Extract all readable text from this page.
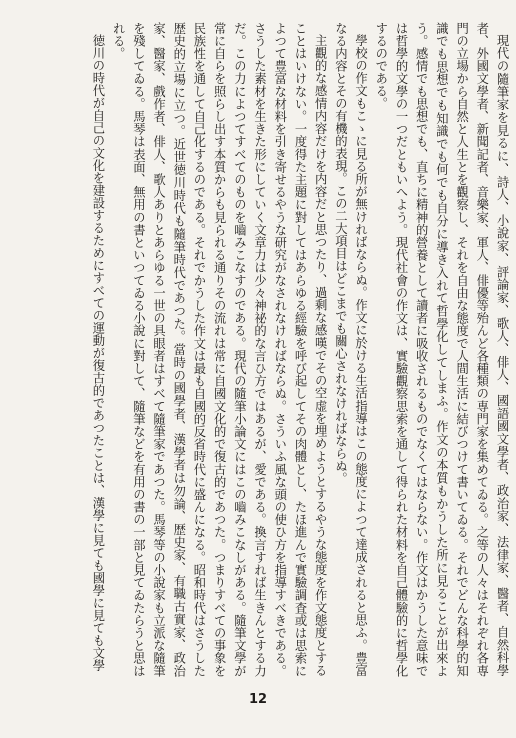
現代の隨筆家を見るに、詩人、小說家、評論家、歌人、俳人、國語國文學者、政治家、法律家、醫者、自然科學者、外國文學者、新聞記者、音樂家、軍人、俳優等殆んど各種類の専門家を集めてゐる。之等の人々はそれぞれ各専門の立場から自然と人生とを觀察し、それを自由な態度で人間生活に結びつけて書いてゐる。それでどんな科學的知識でも思想でも知識でも何でも自分に導き入れて哲學化してしまふ。作文の本質もかうした所に見ることが出來よう。感情でも思想でも、直ちに精神的營養として讀者に吸收されるものでなくてはならない。作文はかうした意味では哲學的文學の一つだともいへよう。現代社會の作文は、實驗觀察思索を通して得られた材料を自己體驗的に哲學化するのである。

學校の作文もこゝに見る所が無ければならぬ。作文に於ける生活指導はこの態度によつて達成されると思ふ。豊富なる内容とその有機的表現。この二大項目はどこまでも關心されなければならぬ。

主觀的な感情内容だけを内容だと思つたり、過剩な感嘆でその空虚を埋めようとするやうな態度を作文態度とすることはいけない。一度得た主題に對してはあらゆる經驗を呼び起してその肉體とし、たほ進んで實驗調査或は思索によつて豊富な材料を引き寄せるやうな研究がなされなければならぬ。さういふ風な頭の使ひ方を指導すべきである。さうした素材を生きた形にしていく文章力は少々神祕的な言ひ方ではあるが、愛である。換言すれば生きんとする力だ。この力によつてすべてのものを嚙みこなすのである。現代の隨筆小論文にはこの嚙みこなしがある。隨筆文學が常に自らを照らし出す本質からも見られる通りその流れは常に自國文化的で復古的であつた。つまりすべての事象を民族性を通して自己化するのである。それでかうした作文は最も自國的反省時代に盛んになる。昭和時代はさうした歴史的立場に立つ。近世徳川時代も隨筆時代であつた。當時の國學者、漢學者は勿論、歴史家、有職古實家、政治家、醫家、戲作者、俳人、歌人ありとあらゆる一世の具眼者はすべて隨筆家であつた。馬琴等の小說家も立派な隨筆を殘してゐる。馬琴は表面、無用の書といつてゐる小說に對して、隨筆などを有用の書の一部と見てゐたらうと思はれる。

徳川の時代が自己の文化を建設するためにすべての運動が復古的であつたことは、漢學に見ても國學に見ても文學

12
